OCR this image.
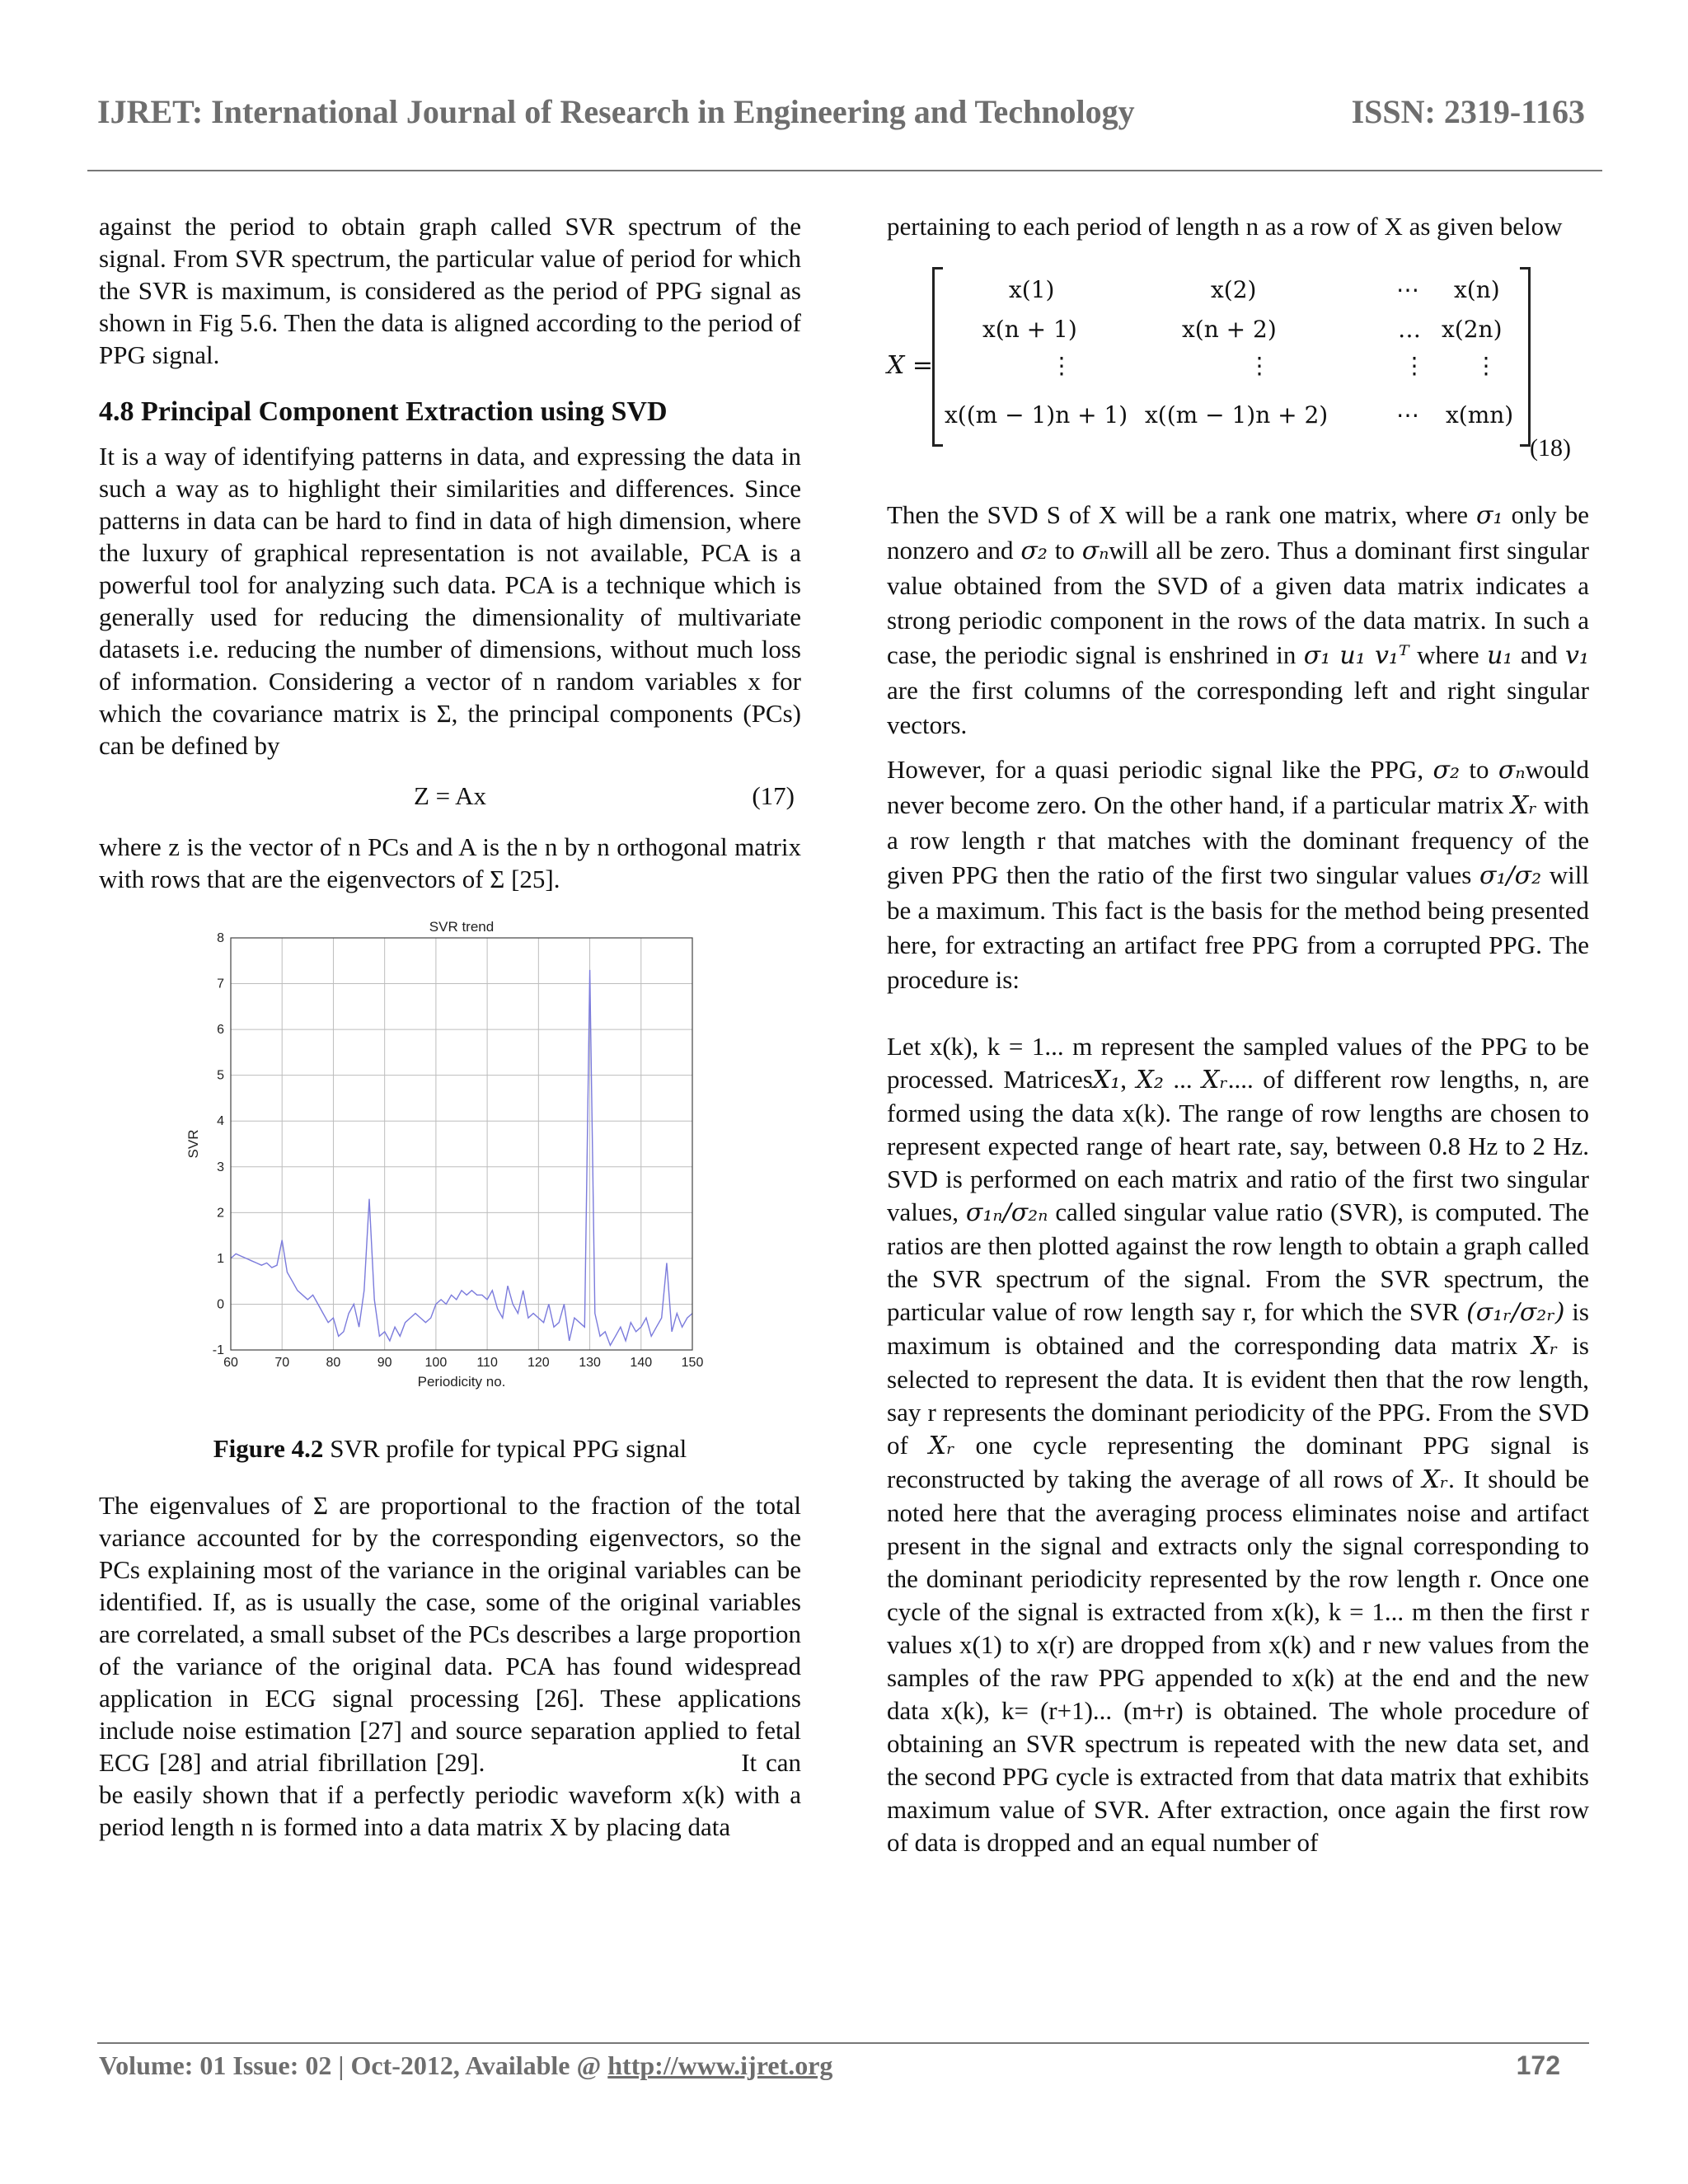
IJRET: International Journal of Research in Engineering and Technology	ISSN: 2319-1163

against the period to obtain graph called SVR spectrum of the signal. From SVR spectrum, the particular value of period for which the SVR is maximum, is considered as the period of PPG signal as shown in Fig 5.6. Then the data is aligned according to the period of PPG signal.

4.8 Principal Component Extraction using SVD

It is a way of identifying patterns in data, and expressing the data in such a way as to highlight their similarities and differences. Since patterns in data can be hard to find in data of high dimension, where the luxury of graphical representation is not available, PCA is a powerful tool for analyzing such data. PCA is a technique which is generally used for reducing the dimensionality of multivariate datasets i.e. reducing the number of dimensions, without much loss of information. Considering a vector of n random variables x for which the covariance matrix is Σ, the principal components (PCs) can be defined by

Z = Ax	(17)

where z is the vector of n PCs and A is the n by n orthogonal matrix with rows that are the eigenvectors of Σ [25].

SVR trend
SVR
Periodicity no.
60	70	80	90 100 110 120 130 140 150
-1
0
1
2
3
4
5
6
7
8

Figure 4.2 SVR profile for typical PPG signal

The eigenvalues of Σ are proportional to the fraction of the total variance accounted for by the corresponding eigenvectors, so the PCs explaining most of the variance in the original variables can be identified. If, as is usually the case, some of the original variables are correlated, a small subset of the PCs describes a large proportion of the variance of the original data. PCA has found widespread application in ECG signal processing [26]. These applications include noise estimation [27] and source separation applied to fetal ECG [28] and atrial fibrillation [29].	It can be easily shown that if a perfectly periodic waveform x(k) with a period length n is formed into a data matrix X by placing data

pertaining to each period of length n as a row of X as given below

X =
x(1)	x(2)	⋯ x(n)
x(n + 1)	x(n + 2)	… x(2n)
⋮	⋮	⋮ ⋮
x((m − 1)n + 1) x((m − 1)n + 2)	⋯ x(mn)
(18)

Then the SVD S of X will be a rank one matrix, where σ₁ only be nonzero and σ₂ to σₙwill all be zero. Thus a dominant first singular value obtained from the SVD of a given data matrix indicates a strong periodic component in the rows of the data matrix. In such a case, the periodic signal is enshrined in σ₁ u₁ v₁ᵀ where u₁ and v₁ are the first columns of the corresponding left and right singular vectors.

However, for a quasi periodic signal like the PPG, σ₂ to σₙwould never become zero. On the other hand, if a particular matrix Xᵣ with a row length r that matches with the dominant frequency of the given PPG then the ratio of the first two singular values σ₁/σ₂ will be a maximum. This fact is the basis for the method being presented here, for extracting an artifact free PPG from a corrupted PPG. The procedure is:

Let x(k), k = 1... m represent the sampled values of the PPG to be processed. MatricesX₁, X₂ ... Xᵣ.... of different row lengths, n, are formed using the data x(k). The range of row lengths are chosen to represent expected range of heart rate, say, between 0.8 Hz to 2 Hz. SVD is performed on each matrix and ratio of the first two singular values, σ₁ₙ/σ₂ₙ called singular value ratio (SVR), is computed. The ratios are then plotted against the row length to obtain a graph called the SVR spectrum of the signal. From the SVR spectrum, the particular value of row length say r, for which the SVR (σ₁ᵣ/σ₂ᵣ) is maximum is obtained and the corresponding data matrix Xᵣ is selected to represent the data. It is evident then that the row length, say r represents the dominant periodicity of the PPG. From the SVD of Xᵣ one cycle representing the dominant PPG signal is reconstructed by taking the average of all rows of Xᵣ. It should be noted here that the averaging process eliminates noise and artifact present in the signal and extracts only the signal corresponding to the dominant periodicity represented by the row length r. Once one cycle of the signal is extracted from x(k), k = 1... m then the first r values x(1) to x(r) are dropped from x(k) and r new values from the samples of the raw PPG appended to x(k) at the end and the new data x(k), k= (r+1)... (m+r) is obtained. The whole procedure of obtaining an SVR spectrum is repeated with the new data set, and the second PPG cycle is extracted from that data matrix that exhibits maximum value of SVR. After extraction, once again the first row of data is dropped and an equal number of

Volume: 01 Issue: 02 | Oct-2012, Available @ http://www.ijret.org	172
